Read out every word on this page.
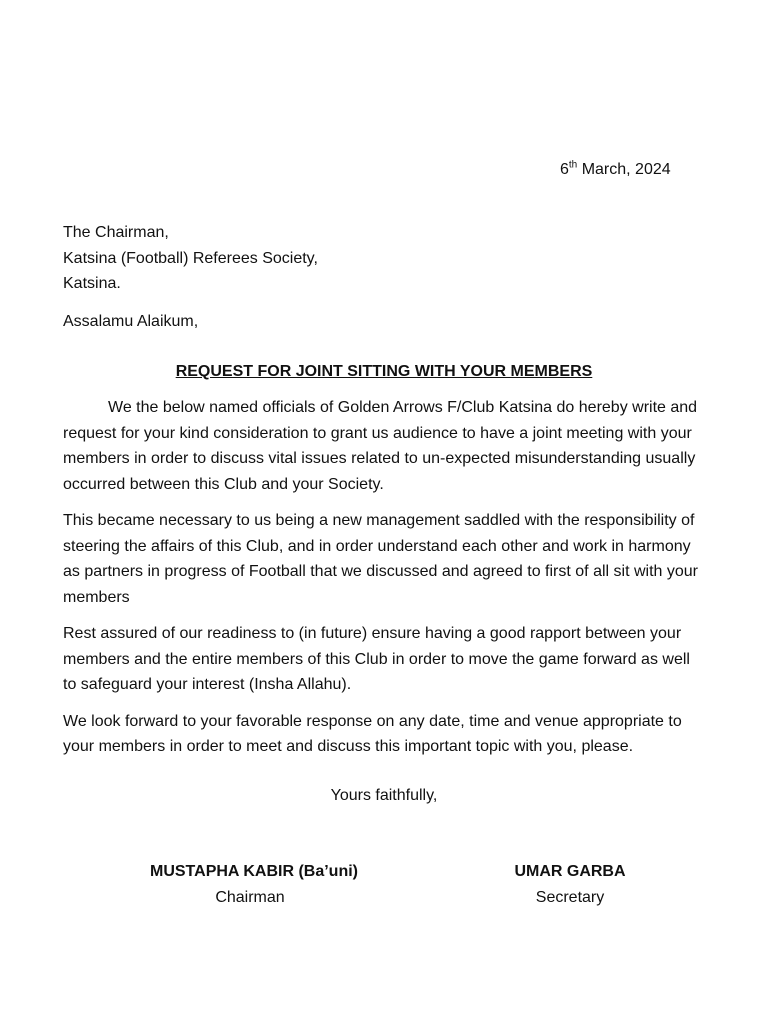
6th March, 2024
The Chairman,
Katsina (Football) Referees Society,
Katsina.
Assalamu Alaikum,
REQUEST FOR JOINT SITTING WITH YOUR MEMBERS

We the below named officials of Golden Arrows F/Club Katsina do hereby write and request for your kind consideration to grant us audience to have a joint meeting with your members in order to discuss vital issues related to un-expected misunderstanding usually occurred between this Club and your Society.

This became necessary to us being a new management saddled with the responsibility of steering the affairs of this Club, and in order understand each other and work in harmony as partners in progress of Football that we discussed and agreed to first of all sit with your members

Rest assured of our readiness to (in future) ensure having a good rapport between your members and the entire members of this Club in order to move the game forward as well to safeguard your interest (Insha Allahu).

We look forward to your favorable response on any date, time and venue appropriate to your members in order to meet and discuss this important topic with you, please.

Yours faithfully,
MUSTAPHA KABIR (Ba’uni)
Chairman
UMAR GARBA
Secretary
